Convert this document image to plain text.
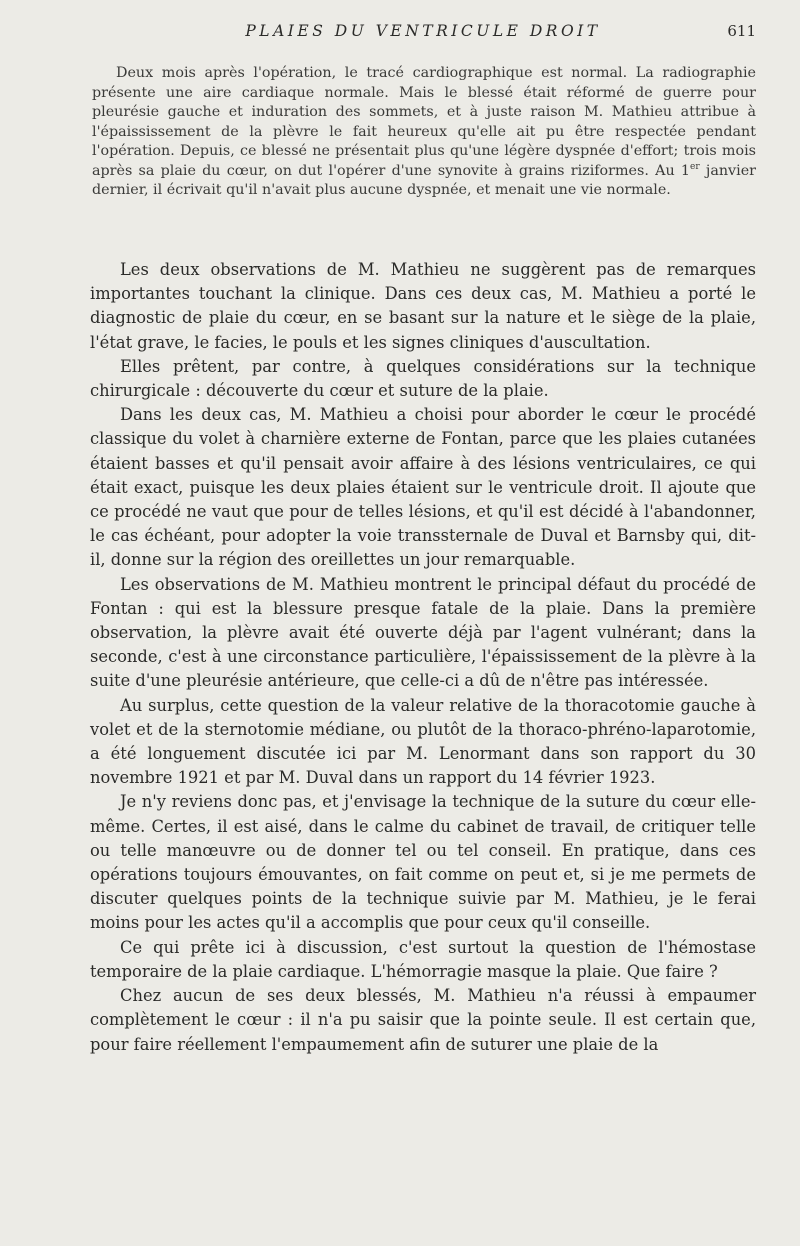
PLAIES DU VENTRICULE DROIT	611

Deux mois après l'opération, le tracé cardiographique est normal. La radiographie présente une aire cardiaque normale. Mais le blessé était réformé de guerre pour pleurésie gauche et induration des sommets, et à juste raison M. Mathieu attribue à l'épaississement de la plèvre le fait heureux qu'elle ait pu être respectée pendant l'opération. Depuis, ce blessé ne présentait plus qu'une légère dyspnée d'effort; trois mois après sa plaie du cœur, on dut l'opérer d'une synovite à grains riziformes. Au 1er janvier dernier, il écrivait qu'il n'avait plus aucune dyspnée, et menait une vie normale.

Les deux observations de M. Mathieu ne suggèrent pas de remarques importantes touchant la clinique. Dans ces deux cas, M. Mathieu a porté le diagnostic de plaie du cœur, en se basant sur la nature et le siège de la plaie, l'état grave, le facies, le pouls et les signes cliniques d'auscultation.

Elles prêtent, par contre, à quelques considérations sur la technique chirurgicale : découverte du cœur et suture de la plaie.

Dans les deux cas, M. Mathieu a choisi pour aborder le cœur le procédé classique du volet à charnière externe de Fontan, parce que les plaies cutanées étaient basses et qu'il pensait avoir affaire à des lésions ventriculaires, ce qui était exact, puisque les deux plaies étaient sur le ventricule droit. Il ajoute que ce procédé ne vaut que pour de telles lésions, et qu'il est décidé à l'abandonner, le cas échéant, pour adopter la voie transsternale de Duval et Barnsby qui, dit-il, donne sur la région des oreillettes un jour remarquable.

Les observations de M. Mathieu montrent le principal défaut du procédé de Fontan : qui est la blessure presque fatale de la plaie. Dans la première observation, la plèvre avait été ouverte déjà par l'agent vulnérant; dans la seconde, c'est à une circonstance particulière, l'épaississement de la plèvre à la suite d'une pleurésie antérieure, que celle-ci a dû de n'être pas intéressée.

Au surplus, cette question de la valeur relative de la thoracotomie gauche à volet et de la sternotomie médiane, ou plutôt de la thoraco-phréno-laparotomie, a été longuement discutée ici par M. Lenormant dans son rapport du 30 novembre 1921 et par M. Duval dans un rapport du 14 février 1923.

Je n'y reviens donc pas, et j'envisage la technique de la suture du cœur elle-même. Certes, il est aisé, dans le calme du cabinet de travail, de critiquer telle ou telle manœuvre ou de donner tel ou tel conseil. En pratique, dans ces opérations toujours émouvantes, on fait comme on peut et, si je me permets de discuter quelques points de la technique suivie par M. Mathieu, je le ferai moins pour les actes qu'il a accomplis que pour ceux qu'il conseille.

Ce qui prête ici à discussion, c'est surtout la question de l'hémostase temporaire de la plaie cardiaque. L'hémorragie masque la plaie. Que faire ?

Chez aucun de ses deux blessés, M. Mathieu n'a réussi à empaumer complètement le cœur : il n'a pu saisir que la pointe seule. Il est certain que, pour faire réellement l'empaumement afin de suturer une plaie de la
